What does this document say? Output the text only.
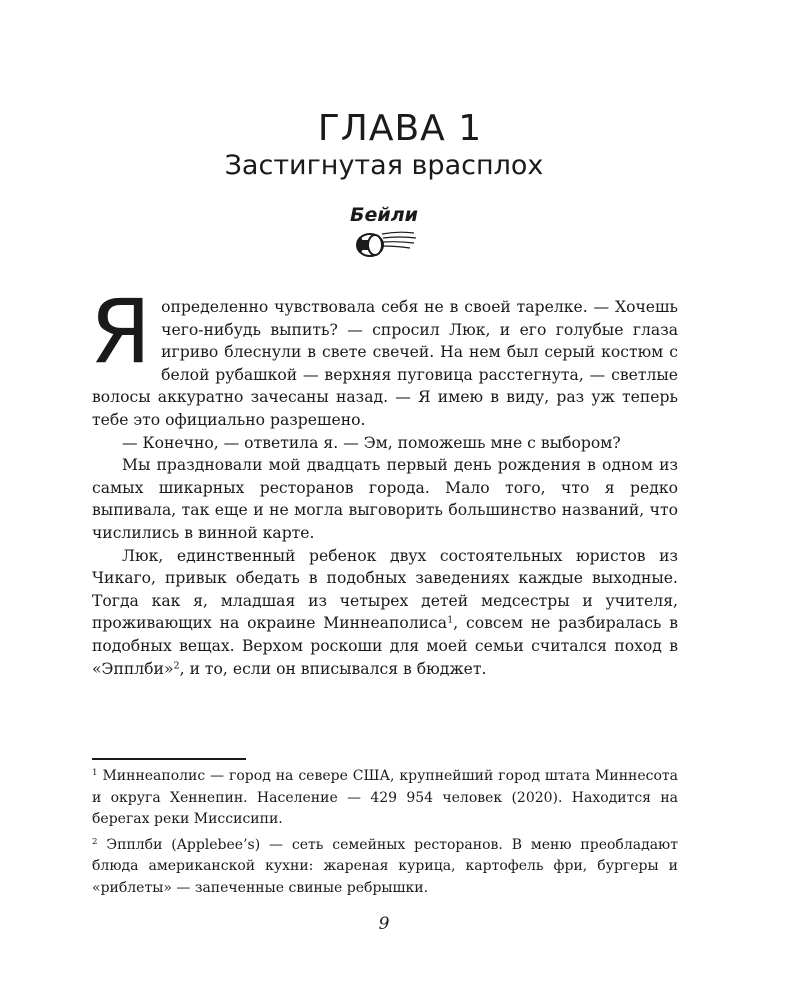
ГЛАВА 1
Застигнутая врасплох
Бейли

Яопределенно чувствовала себя не в своей тарелке. — Хочешь чего-нибудь выпить? — спросил Люк, и его голубые глаза игриво блеснули в свете свечей. На нем был серый костюм с белой рубашкой — верхняя пуговица расстегнута, — светлые волосы аккуратно зачесаны назад. — Я имею в виду, раз уж теперь тебе это официально разрешено.

— Конечно, — ответила я. — Эм, поможешь мне с выбором?

Мы праздновали мой двадцать первый день рождения в одном из самых шикарных ресторанов города. Мало того, что я редко выпивала, так еще и не могла выговорить большинство названий, что числились в винной карте.

Люк, единственный ребенок двух состоятельных юристов из Чикаго, привык обедать в подобных заведениях каждые выходные. Тогда как я, младшая из четырех детей медсестры и учителя, проживающих на окраине Миннеаполиса$^1$, совсем не разбиралась в подобных вещах. Верхом роскоши для моей семьи считался поход в «Эпплби»$^2$, и то, если он вписывался в бюджет.

$^1$ Миннеаполис — город на севере США, крупнейший город штата Миннесота и округа Хеннепин. Население — 429 954 человек (2020). Находится на берегах реки Миссисипи.

$^2$ Эпплби (Applebee’s) — сеть семейных ресторанов. В меню преобладают блюда американской кухни: жареная курица, картофель фри, бургеры и «риблеты» — запеченные свиные ребрышки.

9
